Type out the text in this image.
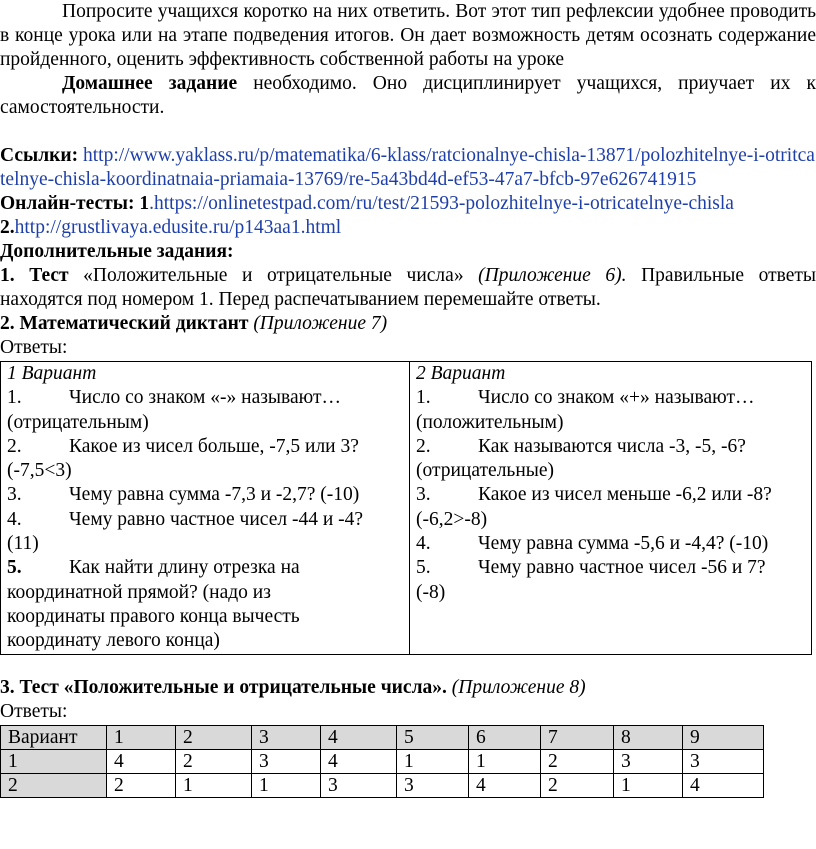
Попросите учащихся коротко на них ответить. Вот этот тип рефлексии удобнее проводить в конце урока или на этапе подведения итогов. Он дает возможность детям осознать содержание пройденного, оценить эффективность собственной работы на уроке

Домашнее задание необходимо. Оно дисциплинирует учащихся, приучает их к самостоятельности.

Ссылки: http://www.yaklass.ru/p/matematika/6-klass/ratcionalnye-chisla-13871/polozhitelnye-i-otritcatelnye-chisla-koordinatnaia-priamaia-13769/re-5a43bd4d-ef53-47a7-bfcb-97e626741915

Онлайн-тесты: 1.https://onlinetestpad.com/ru/test/21593-polozhitelnye-i-otricatelnye-chisla

2.http://grustlivaya.edusite.ru/p143aa1.html

Дополнительные задания:

1. Тест «Положительные и отрицательные числа» (Приложение 6). Правильные ответы находятся под номером 1. Перед распечатыванием перемешайте ответы.

2. Математический диктант (Приложение 7)

Ответы:

1 Вариант
1.	Число со знаком «-» называют…
(отрицательным)
2.	Какое из чисел больше, -7,5 или 3?
(-7,5<3)
3.	Чему равна сумма -7,3 и -2,7? (-10)
4.	Чему равно частное чисел -44 и -4?
(11)
5.	Как найти длину отрезка на
координатной прямой? (надо из
координаты правого конца вычесть
координату левого конца)

2 Вариант
1.	Число со знаком «+» называют…
(положительным)
2.	Как называются числа -3, -5, -6?
(отрицательные)
3.	Какое из чисел меньше -6,2 или -8?
(-6,2>-8)
4.	Чему равна сумма -5,6 и -4,4? (-10)
5.	Чему равно частное чисел -56 и 7?
(-8)

3. Тест «Положительные и отрицательные числа». (Приложение 8)

Ответы:

Вариант	1	2	3	4	5	6	7	8	9
1	4	2	3	4	1	1	2	3	3
2	2	1	1	3	3	4	2	1	4
